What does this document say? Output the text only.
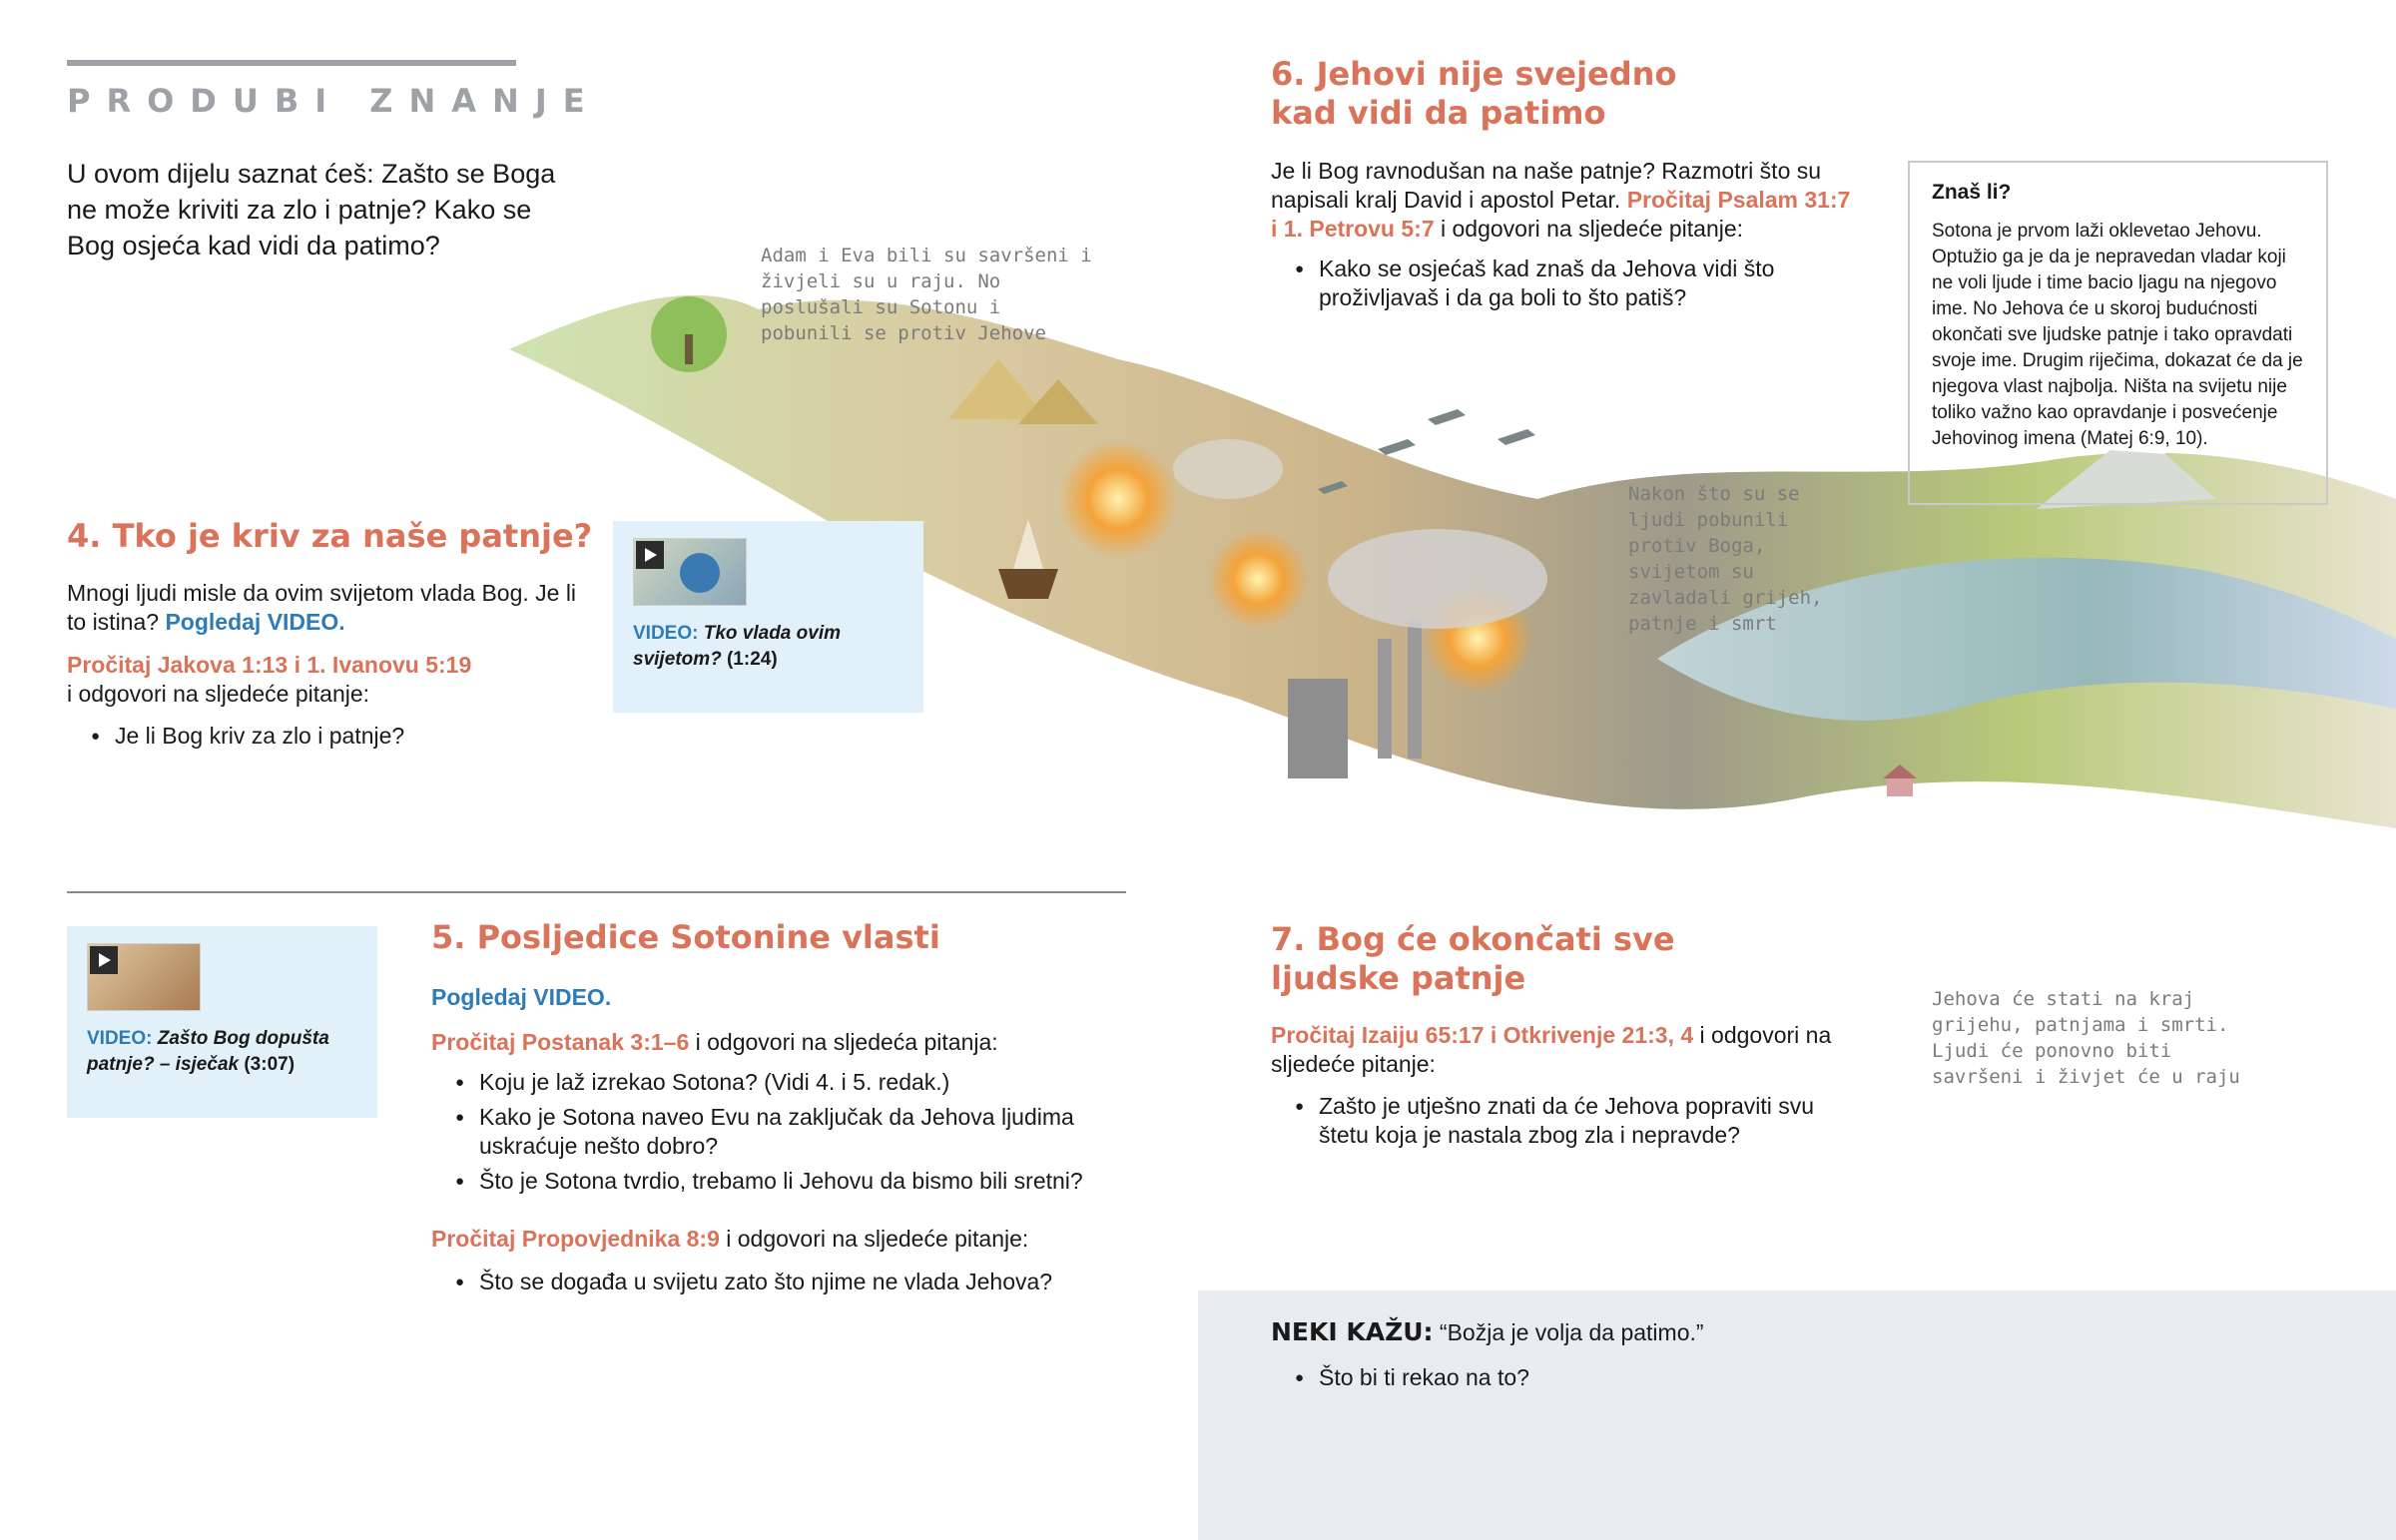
PRODUBI ZNANJE
U ovom dijelu saznat ćeš: Zašto se Boga ne može kriviti za zlo i patnje? Kako se Bog osjeća kad vidi da patimo?
4. Tko je kriv za naše patnje?
Mnogi ljudi misle da ovim svijetom vlada Bog. Je li to istina? Pogledaj VIDEO.
Pročitaj Jakova 1:13 i 1. Ivanovu 5:19
i odgovori na sljedeće pitanje:
● Je li Bog kriv za zlo i patnje?
VIDEO: Tko vlada ovim svijetom? (1:24)
VIDEO: Zašto Bog dopušta patnje? – isječak (3:07)
5. Posljedice Sotonine vlasti
Pogledaj VIDEO.
Pročitaj Postanak 3:1–6 i odgovori na sljedeća pitanja:
● Koju je laž izrekao Sotona? (Vidi 4. i 5. redak.)
● Kako je Sotona naveo Evu na zaključak da Jehova ljudima uskraćuje nešto dobro?
● Što je Sotona tvrdio, trebamo li Jehovu da bismo bili sretni?
Pročitaj Propovjednika 8:9 i odgovori na sljedeće pitanje:
● Što se događa u svijetu zato što njime ne vlada Jehova?
6. Jehovi nije svejedno kad vidi da patimo
Je li Bog ravnodušan na naše patnje? Razmotri što su napisali kralj David i apostol Petar. Pročitaj Psalam 31:7 i 1. Petrovu 5:7 i odgovori na sljedeće pitanje:
● Kako se osjećaš kad znaš da Jehova vidi što proživljavaš i da ga boli to što patiš?
Znaš li?

Sotona je prvom laži oklevetao Jehovu. Optužio ga je da je nepravedan vladar koji ne voli ljude i time bacio ljagu na njegovo ime. No Jehova će u skoroj budućnosti okončati sve ljudske patnje i tako opravdati svoje ime. Drugim riječima, dokazat će da je njegova vlast najbolja. Ništa na svijetu nije toliko važno kao opravdanje i posvećenje Jehovinog imena (Matej 6:9, 10).

Adam i Eva bili su savršeni i živjeli su u raju. No poslušali su Sotonu i pobunili se protiv Jehove
Nakon što su se ljudi pobunili protiv Boga, svijetom su zavladali grijeh, patnje i smrt
Jehova će stati na kraj grijehu, patnjama i smrti. Ljudi će ponovno biti savršeni i živjet će u raju
7. Bog će okončati sve ljudske patnje
Pročitaj Izaiju 65:17 i Otkrivenje 21:3, 4 i odgovori na sljedeće pitanje:
● Zašto je utješno znati da će Jehova popraviti svu štetu koja je nastala zbog zla i nepravde?
NEKI KAŽU: “Božja je volja da patimo.”
● Što bi ti rekao na to?
